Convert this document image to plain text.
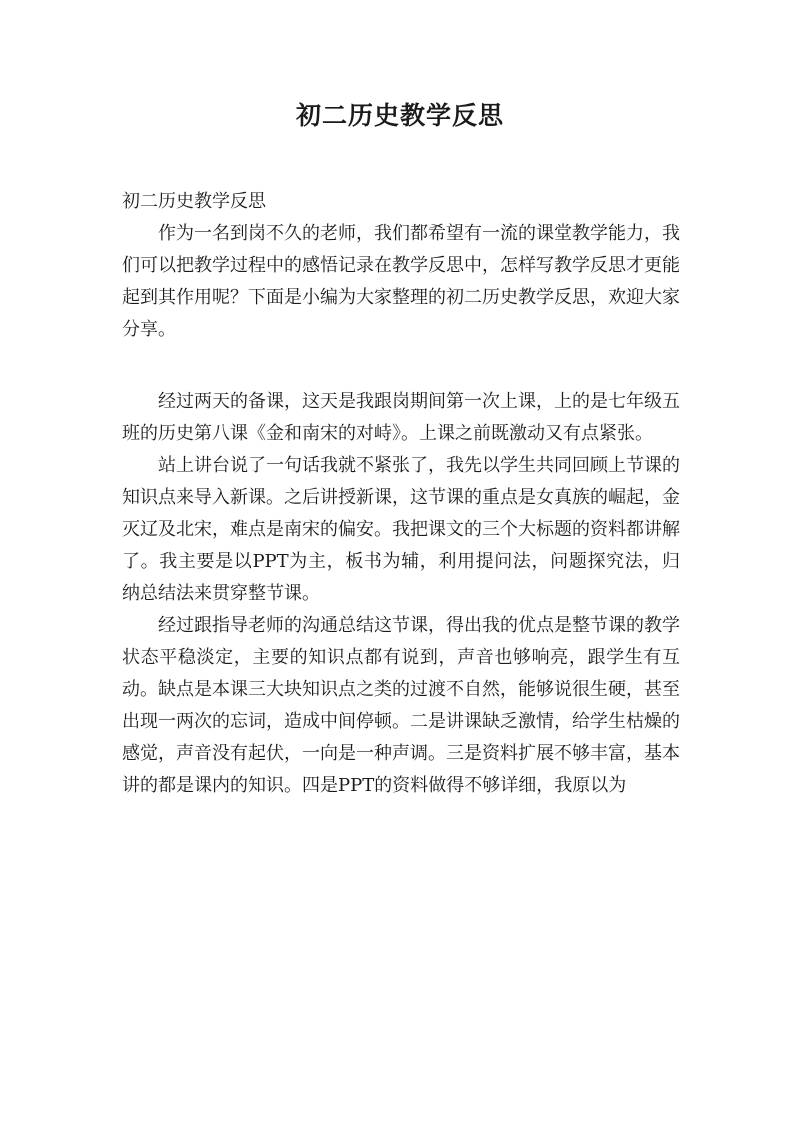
初二历史教学反思

初二历史教学反思

作为一名到岗不久的老师，我们都希望有一流的课堂教学能力，我们可以把教学过程中的感悟记录在教学反思中，怎样写教学反思才更能起到其作用呢？下面是小编为大家整理的初二历史教学反思，欢迎大家分享。

经过两天的备课，这天是我跟岗期间第一次上课，上的是七年级五班的历史第八课《金和南宋的对峙》。上课之前既激动又有点紧张。

站上讲台说了一句话我就不紧张了，我先以学生共同回顾上节课的知识点来导入新课。之后讲授新课，这节课的重点是女真族的崛起，金灭辽及北宋，难点是南宋的偏安。我把课文的三个大标题的资料都讲解了。我主要是以PPT为主，板书为辅，利用提问法，问题探究法，归纳总结法来贯穿整节课。

经过跟指导老师的沟通总结这节课，得出我的优点是整节课的教学状态平稳淡定，主要的知识点都有说到，声音也够响亮，跟学生有互动。缺点是本课三大块知识点之类的过渡不自然，能够说很生硬，甚至出现一两次的忘词，造成中间停顿。二是讲课缺乏激情，给学生枯燥的感觉，声音没有起伏，一向是一种声调。三是资料扩展不够丰富，基本讲的都是课内的知识。四是PPT的资料做得不够详细，我原以为
